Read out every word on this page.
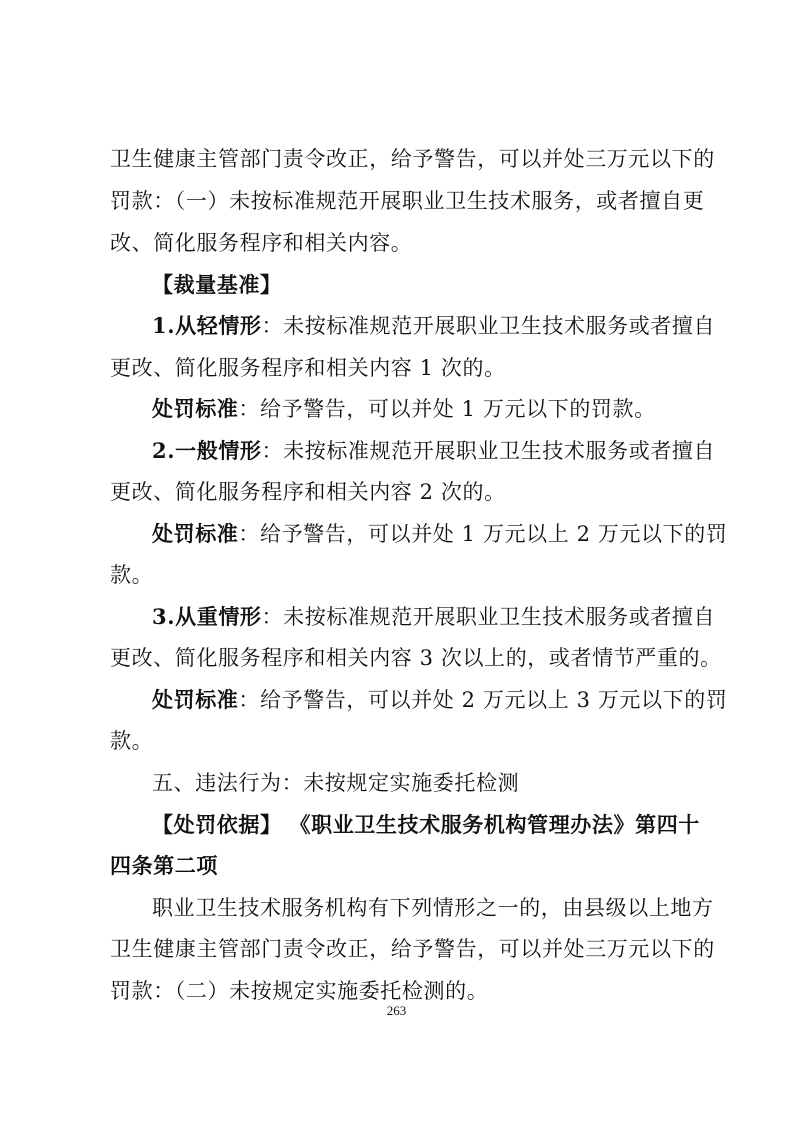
卫生健康主管部门责令改正，给予警告，可以并处三万元以下的
罚款：（一）未按标准规范开展职业卫生技术服务，或者擅自更
改、简化服务程序和相关内容。
【裁量基准】
1.从轻情形：未按标准规范开展职业卫生技术服务或者擅自
更改、简化服务程序和相关内容 1 次的。
处罚标准：给予警告，可以并处 1 万元以下的罚款。
2.一般情形：未按标准规范开展职业卫生技术服务或者擅自
更改、简化服务程序和相关内容 2 次的。
处罚标准：给予警告，可以并处 1 万元以上 2 万元以下的罚
款。
3.从重情形：未按标准规范开展职业卫生技术服务或者擅自
更改、简化服务程序和相关内容 3 次以上的，或者情节严重的。
处罚标准：给予警告，可以并处 2 万元以上 3 万元以下的罚
款。
五、违法行为：未按规定实施委托检测
【处罚依据】 《职业卫生技术服务机构管理办法》第四十
四条第二项
职业卫生技术服务机构有下列情形之一的，由县级以上地方
卫生健康主管部门责令改正，给予警告，可以并处三万元以下的
罚款：（二）未按规定实施委托检测的。
263
